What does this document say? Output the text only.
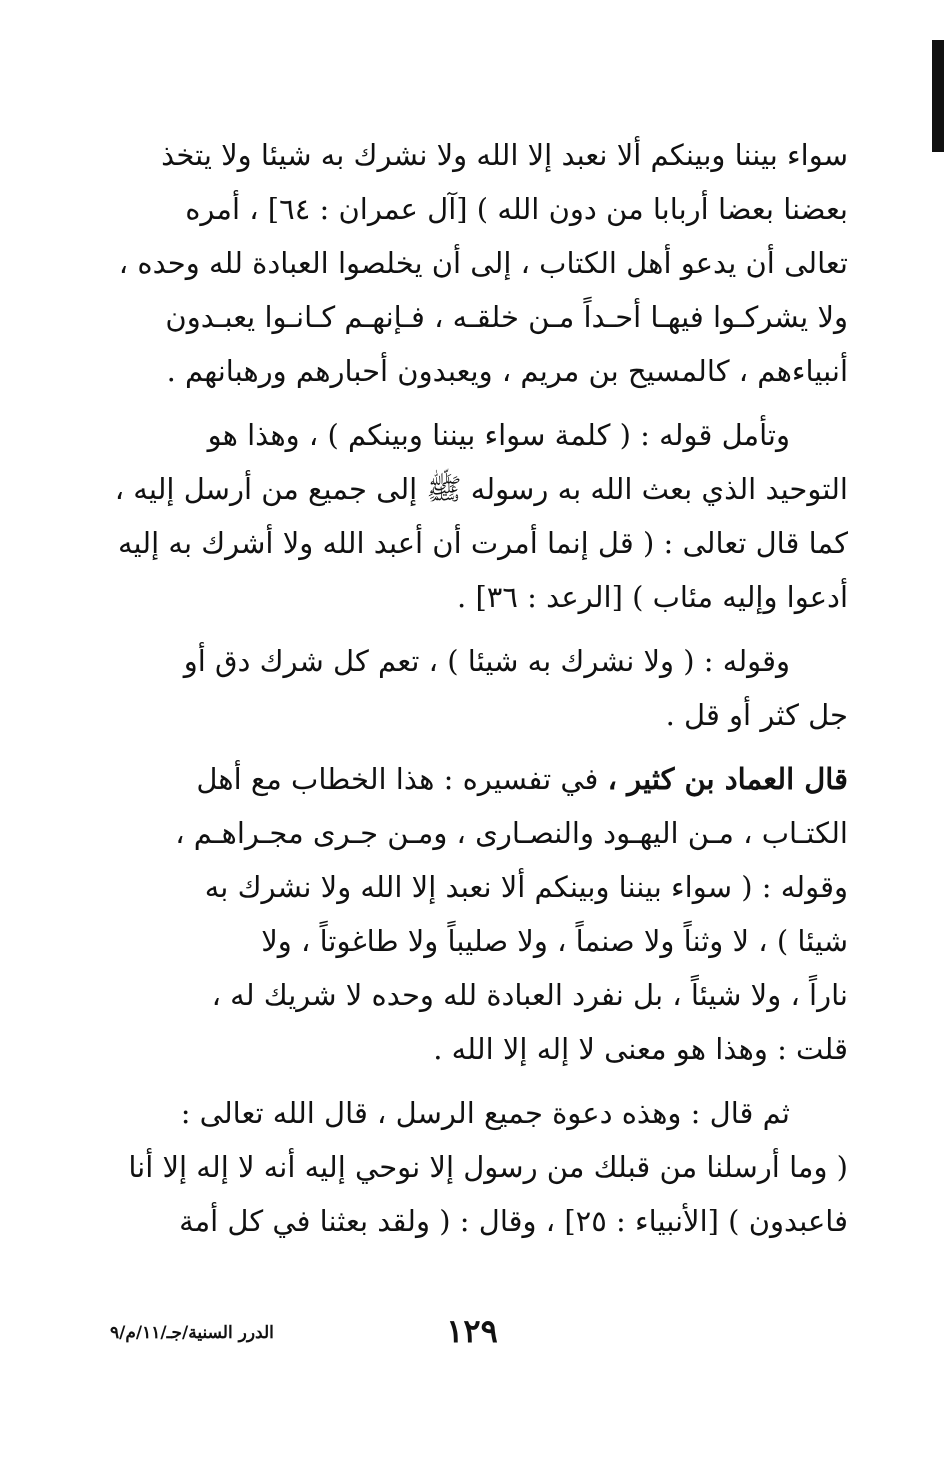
سواء بيننا وبينكم ألا نعبد إلا الله ولا نشرك به شيئا ولا يتخذ
بعضنا بعضا أربابا من دون الله ) [آل عمران : ٦٤] ، أمره
تعالى أن يدعو أهل الكتاب ، إلى أن يخلصوا العبادة لله وحده ،
ولا يشركـوا فيهـا أحـداً مـن خلقـه ، فـإنهـم كـانـوا يعبـدون
أنبياءهم ، كالمسيح بن مريم ، ويعبدون أحبارهم ورهبانهم .
وتأمل قوله : ( كلمة سواء بيننا وبينكم ) ، وهذا هو
التوحيد الذي بعث الله به رسوله ﷺ إلى جميع من أرسل إليه ،
كما قال تعالى : ( قل إنما أمرت أن أعبد الله ولا أشرك به إليه
أدعوا وإليه مئاب ) [الرعد : ٣٦] .
وقوله : ( ولا نشرك به شيئا ) ، تعم كل شرك دق أو
جل كثر أو قل .
قال العماد بن كثير ، في تفسيره : هذا الخطاب مع أهل
الكتـاب ، مـن اليهـود والنصـارى ، ومـن جـرى مجـراهـم ،
وقوله : ( سواء بيننا وبينكم ألا نعبد إلا الله ولا نشرك به
شيئا ) ، لا وثناً ولا صنماً ، ولا صليباً ولا طاغوتاً ، ولا
ناراً ، ولا شيئاً ، بل نفرد العبادة لله وحده لا شريك له ،
قلت : وهذا هو معنى لا إله إلا الله .
ثم قال : وهذه دعوة جميع الرسل ، قال الله تعالى :
( وما أرسلنا من قبلك من رسول إلا نوحي إليه أنه لا إله إلا أنا
فاعبدون ) [الأنبياء : ٢٥] ، وقال : ( ولقد بعثنا في كل أمة
١٢٩
الدرر السنية/جـ/١١/م/٩
